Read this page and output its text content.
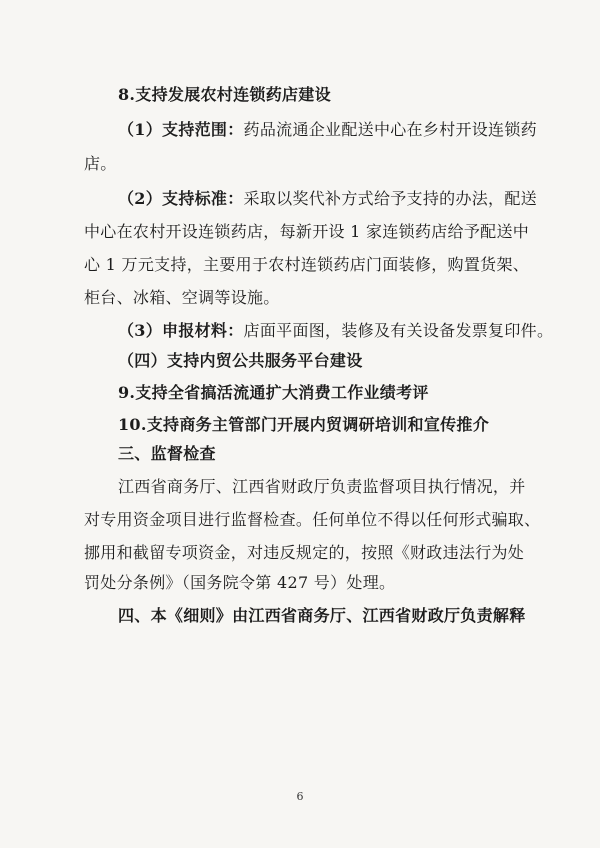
8.支持发展农村连锁药店建设
（1）支持范围：药品流通企业配送中心在乡村开设连锁药
店。
（2）支持标准：采取以奖代补方式给予支持的办法，配送
中心在农村开设连锁药店，每新开设 1 家连锁药店给予配送中
心 1 万元支持，主要用于农村连锁药店门面装修，购置货架、
柜台、冰箱、空调等设施。
（3）申报材料：店面平面图，装修及有关设备发票复印件。
（四）支持内贸公共服务平台建设
9.支持全省搞活流通扩大消费工作业绩考评
10.支持商务主管部门开展内贸调研培训和宣传推介
三、监督检查
江西省商务厅、江西省财政厅负责监督项目执行情况，并
对专用资金项目进行监督检查。任何单位不得以任何形式骗取、
挪用和截留专项资金，对违反规定的，按照《财政违法行为处
罚处分条例》（国务院令第 427 号）处理。
四、本《细则》由江西省商务厅、江西省财政厅负责解释
6
